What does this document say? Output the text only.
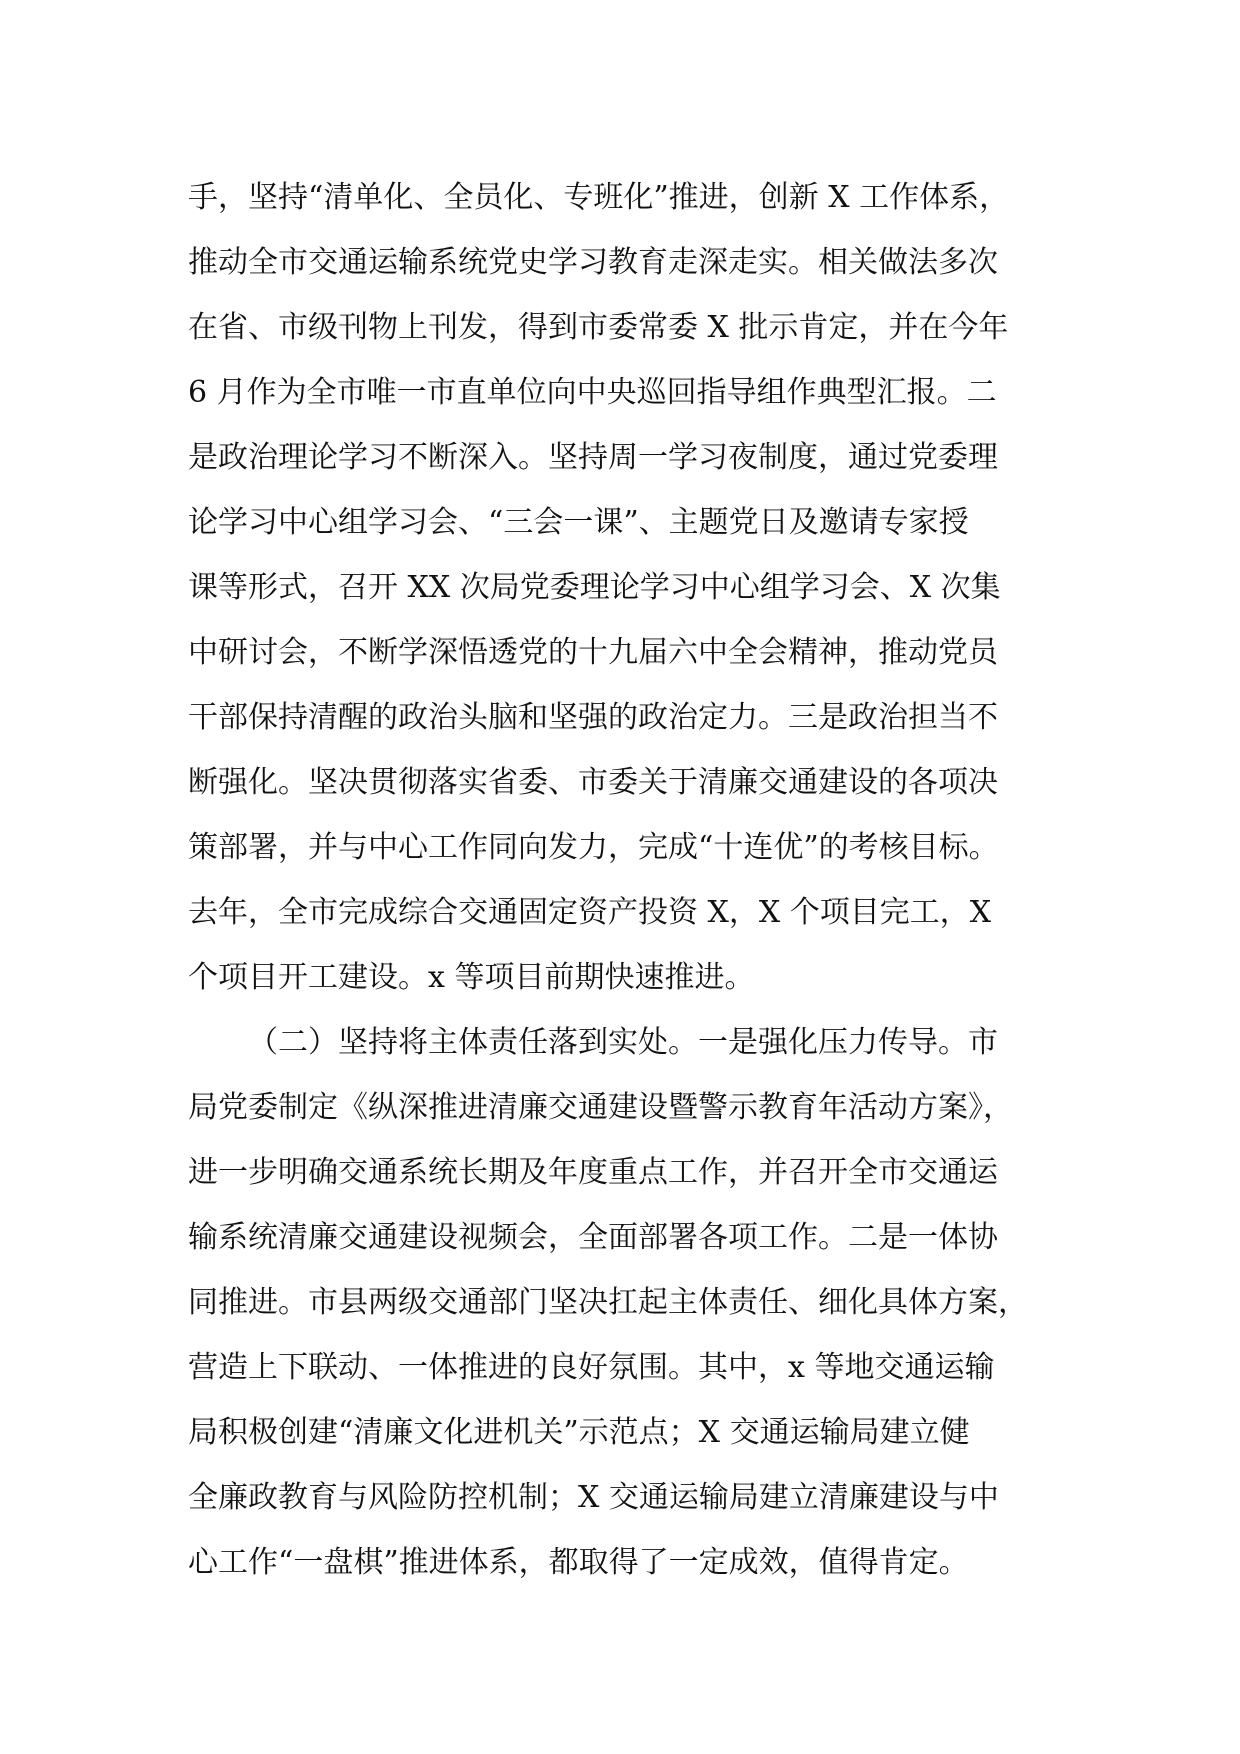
手，坚持“清单化、全员化、专班化”推进，创新 X 工作体系，
推动全市交通运输系统党史学习教育走深走实。相关做法多次
在省、市级刊物上刊发，得到市委常委 X 批示肯定，并在今年
6 月作为全市唯一市直单位向中央巡回指导组作典型汇报。二
是政治理论学习不断深入。坚持周一学习夜制度，通过党委理
论学习中心组学习会、“三会一课”、主题党日及邀请专家授
课等形式，召开 XX 次局党委理论学习中心组学习会、X 次集
中研讨会，不断学深悟透党的十九届六中全会精神，推动党员
干部保持清醒的政治头脑和坚强的政治定力。三是政治担当不
断强化。坚决贯彻落实省委、市委关于清廉交通建设的各项决
策部署，并与中心工作同向发力，完成“十连优”的考核目标。
去年，全市完成综合交通固定资产投资 X，X 个项目完工，X
个项目开工建设。x 等项目前期快速推进。
（二）坚持将主体责任落到实处。一是强化压力传导。市
局党委制定《纵深推进清廉交通建设暨警示教育年活动方案》，
进一步明确交通系统长期及年度重点工作，并召开全市交通运
输系统清廉交通建设视频会，全面部署各项工作。二是一体协
同推进。市县两级交通部门坚决扛起主体责任、细化具体方案，
营造上下联动、一体推进的良好氛围。其中，x 等地交通运输
局积极创建“清廉文化进机关”示范点；X 交通运输局建立健
全廉政教育与风险防控机制；X 交通运输局建立清廉建设与中
心工作“一盘棋”推进体系，都取得了一定成效，值得肯定。
